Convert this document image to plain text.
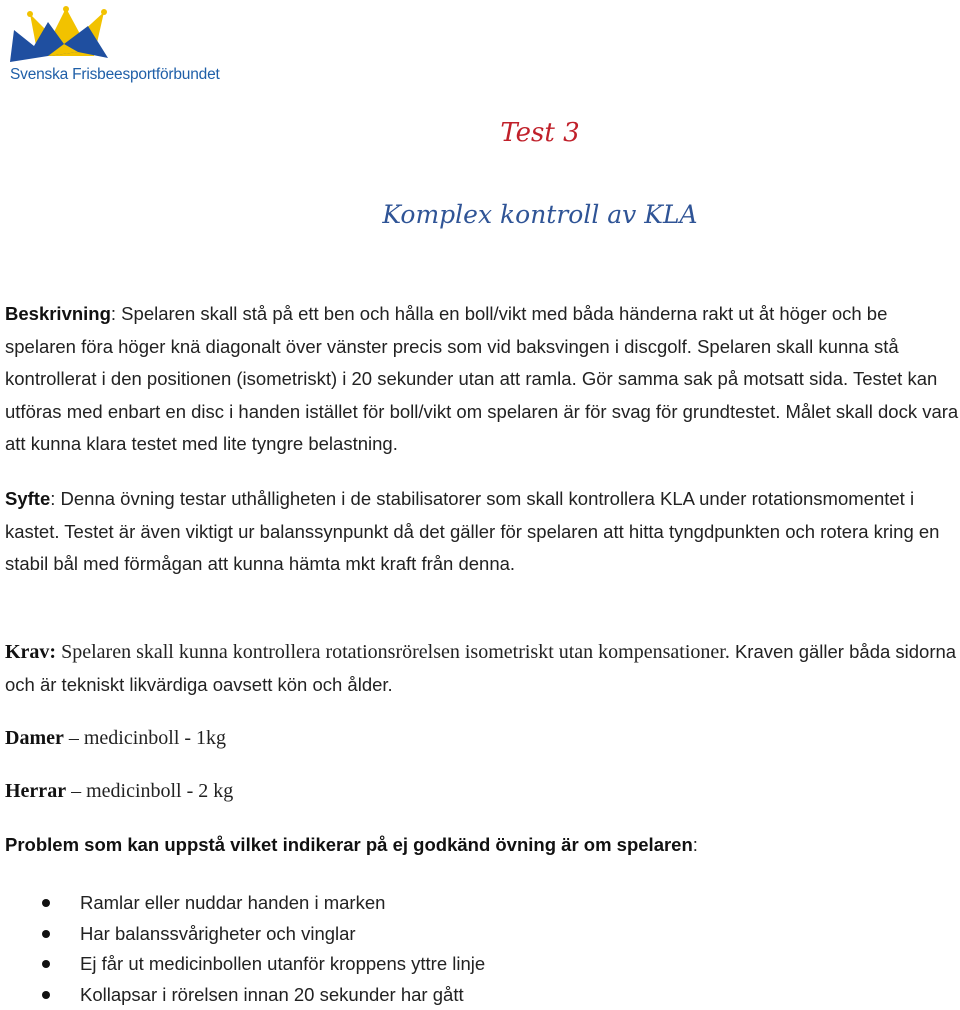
Svenska Frisbeesportförbundet
Test 3
Komplex kontroll av KLA

Beskrivning: Spelaren skall stå på ett ben och hålla en boll/vikt med båda händerna rakt ut åt höger och be spelaren föra höger knä diagonalt över vänster precis som vid baksvingen i discgolf. Spelaren skall kunna stå kontrollerat i den positionen (isometriskt) i 20 sekunder utan att ramla. Gör samma sak på motsatt sida. Testet kan utföras med enbart en disc i handen istället för boll/vikt om spelaren är för svag för grundtestet. Målet skall dock vara att kunna klara testet med lite tyngre belastning.

Syfte: Denna övning testar uthålligheten i de stabilisatorer som skall kontrollera KLA under rotationsmomentet i kastet. Testet är även viktigt ur balanssynpunkt då det gäller för spelaren att hitta tyngdpunkten och rotera kring en stabil bål med förmågan att kunna hämta mkt kraft från denna.

Krav: Spelaren skall kunna kontrollera rotationsrörelsen isometriskt utan kompensationer. Kraven gäller båda sidorna och är tekniskt likvärdiga oavsett kön och ålder.

Damer – medicinboll - 1kg

Herrar – medicinboll - 2 kg

Problem som kan uppstå vilket indikerar på ej godkänd övning är om spelaren:

Ramlar eller nuddar handen i marken
Har balanssvårigheter och vinglar
Ej får ut medicinbollen utanför kroppens yttre linje
Kollapsar i rörelsen innan 20 sekunder har gått
